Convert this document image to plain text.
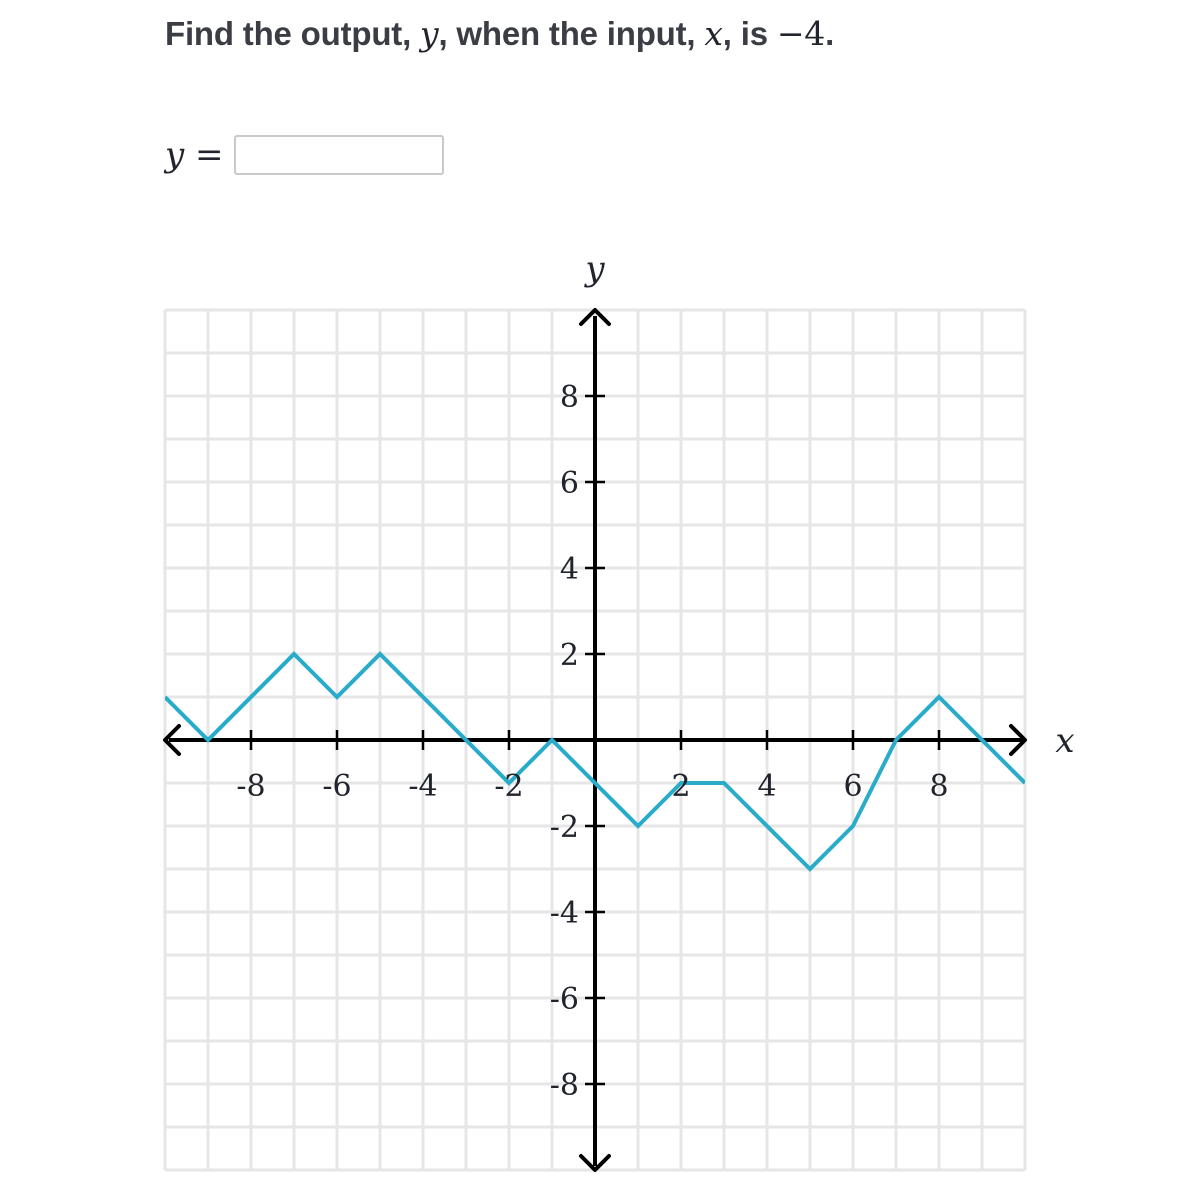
Find the output, y, when the input, x, is −4.
y =
-8 -6 -4 -2	2 4 6 8
8
6
4
2
-2
-4
-6
-8
x
y
